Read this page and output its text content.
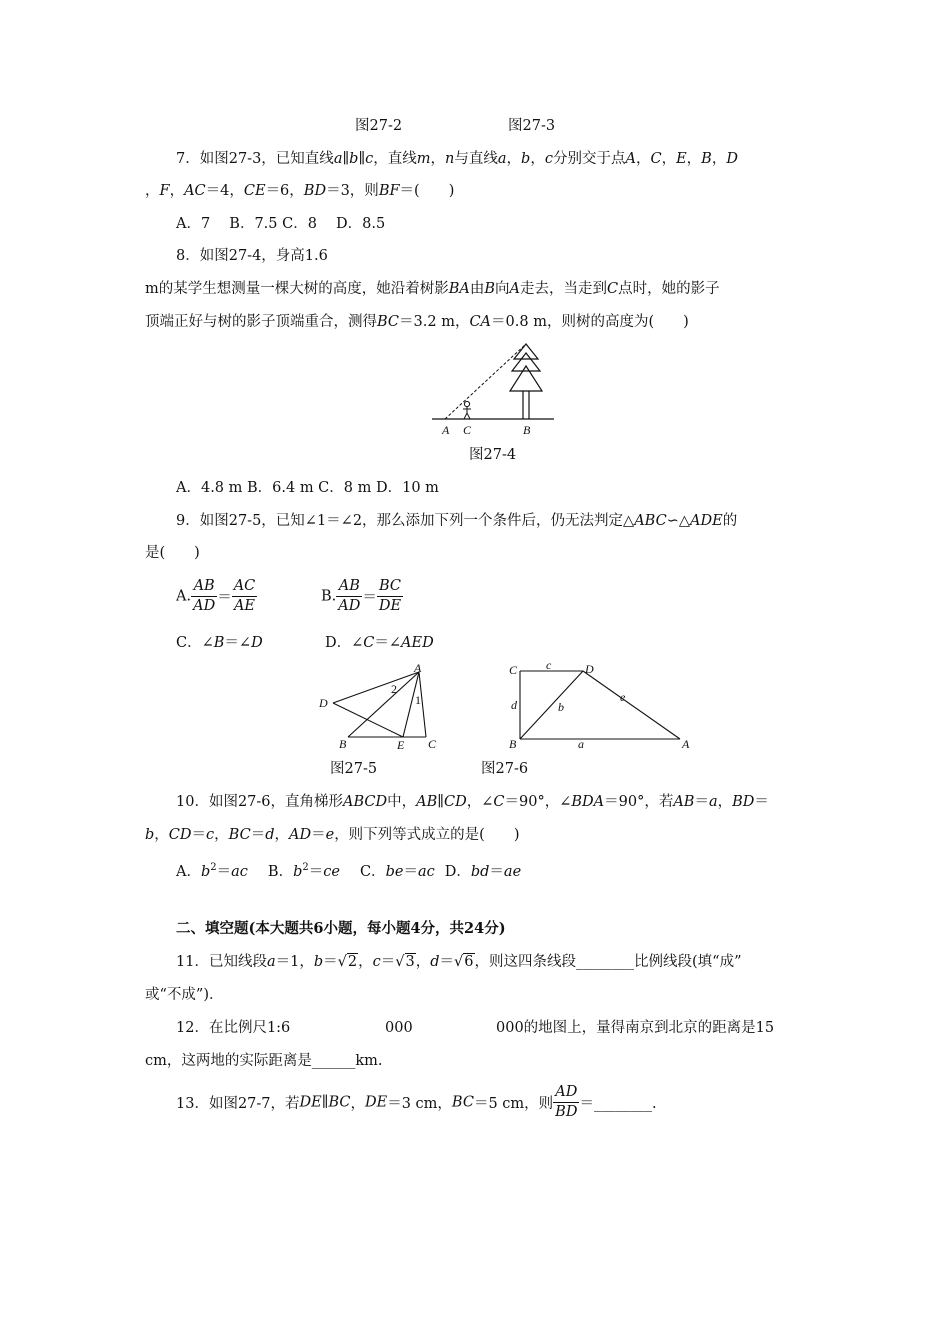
图27-2	图27-3
7．如图27-3，已知直线a∥b∥c，直线m，n与直线a，b，c分别交于点A，C，E，B，D
，F，AC＝4，CE＝6，BD＝3，则BF＝(　　)
A．7　 B．7.5 C．8　 D．8.5
8．如图27-4，身高1.6
m的某学生想测量一棵大树的高度，她沿着树影BA由B向A走去，当走到C点时，她的影子
顶端正好与树的影子顶端重合，测得BC＝3.2 m，CA＝0.8 m，则树的高度为(　　)
A C	B
图27-4
A．4.8 m B．6.4 m C．8 m D．10 m
9．如图27-5，已知∠1＝∠2，那么添加下列一个条件后，仍无法判定△ABC∽△ADE的
是(　　)
A. $\frac{AB}{AD} = \frac{AC}{AE}$	B. $\frac{AB}{AD} = \frac{BC}{DE}$
C．∠B＝∠D	D．∠C＝∠AED
A
D
B	E C
1
2
图27-5
C c	D
d	b
e
B	a	A
图27-6
10．如图27-6，直角梯形ABCD中，AB∥CD，∠C＝90°，∠BDA＝90°，若AB＝a，BD＝
b，CD＝c，BC＝d，AD＝e，则下列等式成立的是(　　)
A．$b^2=ac$ B．$b^2=ce$ C．be＝ac D．bd＝ae
二、填空题(本大题共6小题，每小题4分，共24分)
11．已知线段a＝1，b＝√2，c＝√3，d＝√6，则这四条线段________比例线段(填“成”
或“不成”)．
12．在比例尺1:6	000	000的地图上，量得南京到北京的距离是15
cm，这两地的实际距离是______km.
13．如图27-7，若DE∥BC，DE＝3 cm，BC＝5 cm，则 $\frac{AD}{BD}$ ＝________.
